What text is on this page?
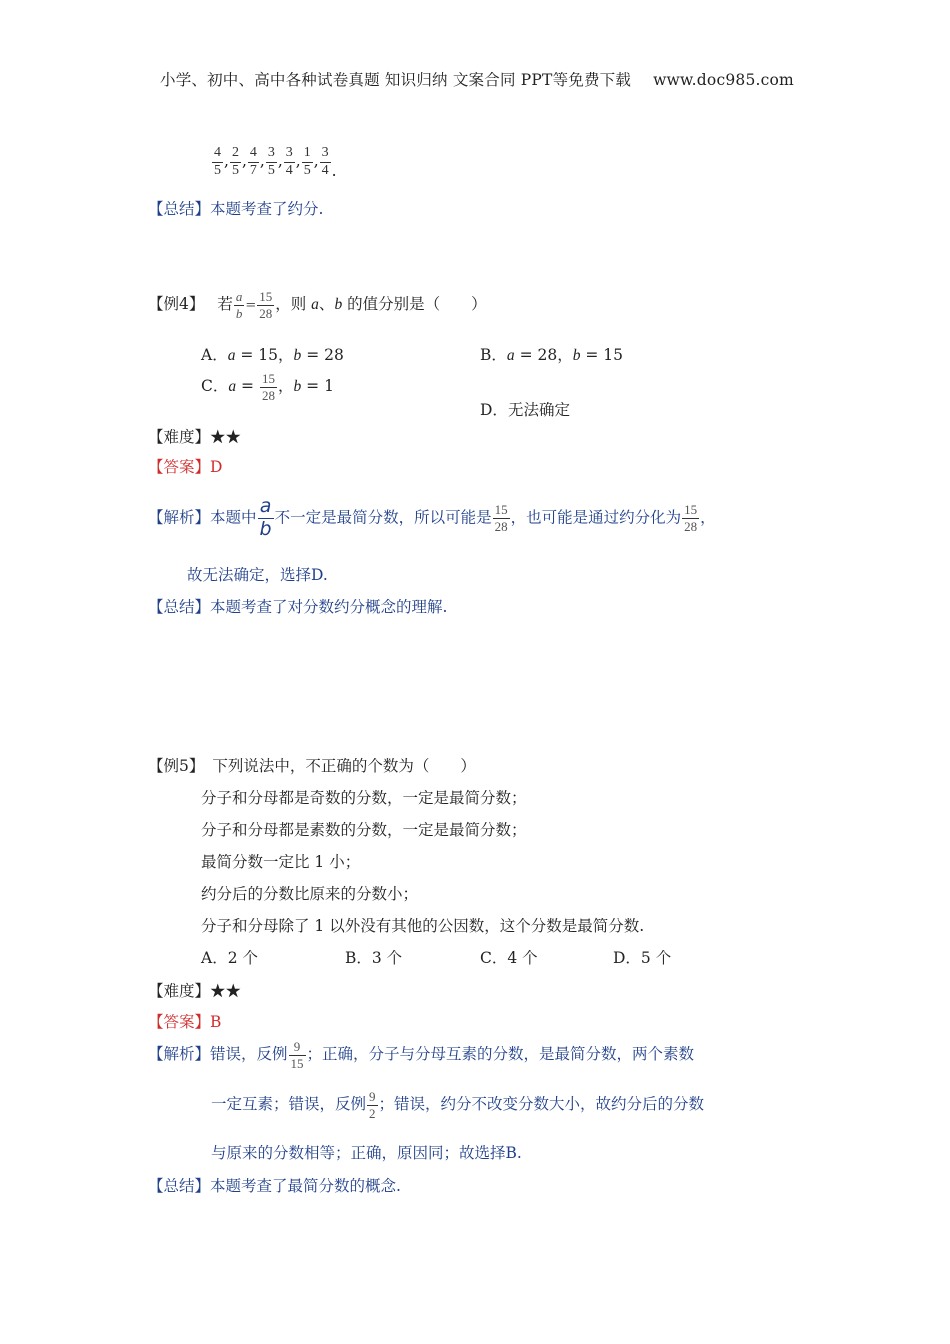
小学、初中、高中各种试卷真题 知识归纳 文案合同 PPT等免费下载 www.doc985.com
$\frac{4}{5}$ , $\frac{2}{5}$ , $\frac{4}{7}$ , $\frac{3}{5}$ , $\frac{3}{4}$ , $\frac{1}{5}$ , $\frac{3}{4}$ .
【总结】本题考查了约分.
【例4】 若 $\frac{a}{b} = \frac{15}{28}$ ，则 a、b 的值分别是（　　）
A．a = 15，b = 28	B．a = 28，b = 15
C．$a = \frac{15}{28}$ ，b = 1
D．无法确定
【难度】★★
【答案】D
【解析】本题中 $\frac{a}{b}$ 不一定是最简分数，所以可能是 $\frac{15}{28}$ ，也可能是通过约分化为 $\frac{15}{28}$ ，
故无法确定，选择D.
【总结】本题考查了对分数约分概念的理解.
【例5】 下列说法中，不正确的个数为（　　）
分子和分母都是奇数的分数，一定是最简分数；
分子和分母都是素数的分数，一定是最简分数；
最简分数一定比 1 小；
约分后的分数比原来的分数小；
分子和分母除了 1 以外没有其他的公因数，这个分数是最简分数.
A．2 个	B．3 个	C．4 个	D．5 个
【难度】★★
【答案】B
【解析】错误，反例 $\frac{9}{15}$ ；正确，分子与分母互素的分数，是最简分数，两个素数
一定互素；错误，反例 $\frac{9}{2}$ ；错误，约分不改变分数大小，故约分后的分数
与原来的分数相等；正确，原因同；故选择B.
【总结】本题考查了最简分数的概念.
